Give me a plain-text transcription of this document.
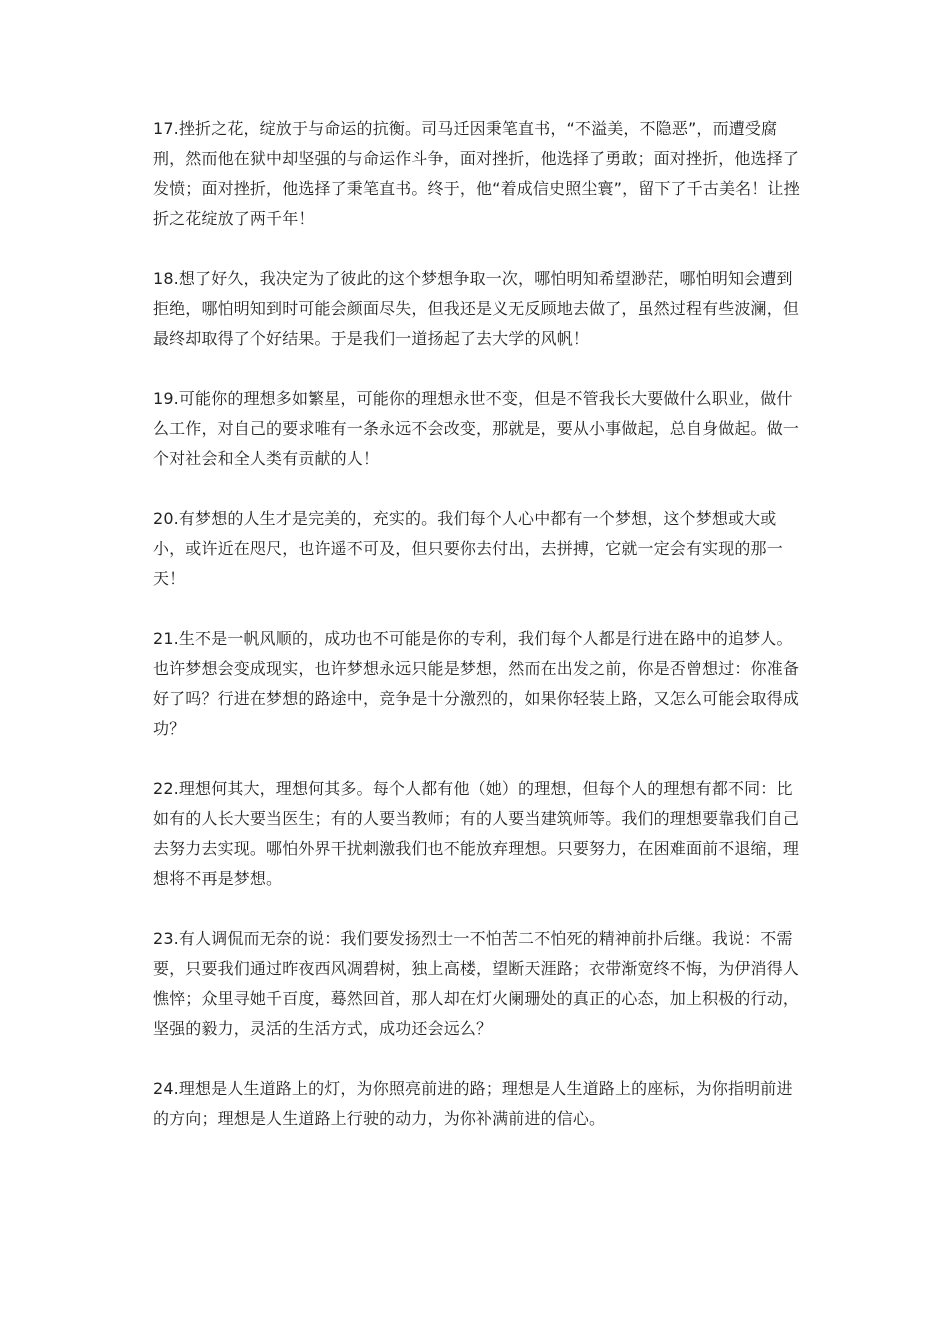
17.挫折之花，绽放于与命运的抗衡。司马迁因秉笔直书，“不溢美，不隐恶”，而遭受腐刑，然而他在狱中却坚强的与命运作斗争，面对挫折，他选择了勇敢；面对挫折，他选择了发愤；面对挫折，他选择了秉笔直书。终于，他“着成信史照尘寰”，留下了千古美名！让挫折之花绽放了两千年！

18.想了好久，我决定为了彼此的这个梦想争取一次，哪怕明知希望渺茫，哪怕明知会遭到拒绝，哪怕明知到时可能会颜面尽失，但我还是义无反顾地去做了，虽然过程有些波澜，但最终却取得了个好结果。于是我们一道扬起了去大学的风帆！

19.可能你的理想多如繁星，可能你的理想永世不变，但是不管我长大要做什么职业，做什么工作，对自己的要求唯有一条永远不会改变，那就是，要从小事做起，总自身做起。做一个对社会和全人类有贡献的人！

20.有梦想的人生才是完美的，充实的。我们每个人心中都有一个梦想，这个梦想或大或小，或许近在咫尺，也许遥不可及，但只要你去付出，去拼搏，它就一定会有实现的那一天！

21.生不是一帆风顺的，成功也不可能是你的专利，我们每个人都是行进在路中的追梦人。也许梦想会变成现实，也许梦想永远只能是梦想，然而在出发之前，你是否曾想过：你准备好了吗？行进在梦想的路途中，竞争是十分激烈的，如果你轻装上路，又怎么可能会取得成功？

22.理想何其大，理想何其多。每个人都有他（她）的理想，但每个人的理想有都不同：比如有的人长大要当医生；有的人要当教师；有的人要当建筑师等。我们的理想要靠我们自己去努力去实现。哪怕外界干扰刺激我们也不能放弃理想。只要努力，在困难面前不退缩，理想将不再是梦想。

23.有人调侃而无奈的说：我们要发扬烈士一不怕苦二不怕死的精神前扑后继。我说：不需要，只要我们通过昨夜西风凋碧树，独上高楼，望断天涯路；衣带渐宽终不悔，为伊消得人憔悴；众里寻她千百度，蓦然回首，那人却在灯火阑珊处的真正的心态，加上积极的行动，坚强的毅力，灵活的生活方式，成功还会远么？

24.理想是人生道路上的灯，为你照亮前进的路；理想是人生道路上的座标，为你指明前进的方向；理想是人生道路上行驶的动力，为你补满前进的信心。
